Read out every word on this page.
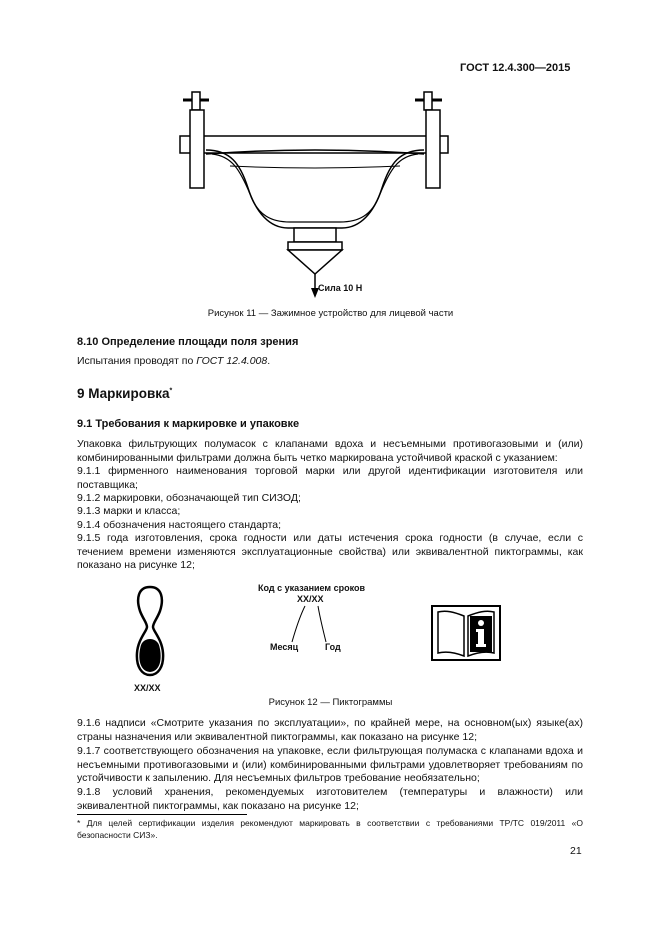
ГОСТ 12.4.300—2015
Сила 10 Н
Рисунок 11 — Зажимное устройство для лицевой части
8.10 Определение площади поля зрения
Испытания проводят по ГОСТ 12.4.008.
9 Маркировка*
9.1 Требования к маркировке и упаковке
Упаковка фильтрующих полумасок с клапанами вдоха и несъемными противогазовыми и (или) комбинированными фильтрами должна быть четко маркирована устойчивой краской с указанием:
9.1.1 фирменного наименования торговой марки или другой идентификации изготовителя или поставщика;
9.1.2 маркировки, обозначающей тип СИЗОД;
9.1.3 марки и класса;
9.1.4 обозначения настоящего стандарта;
9.1.5 года изготовления, срока годности или даты истечения срока годности (в случае, если с течением времени изменяются эксплуатационные свойства) или эквивалентной пиктограммы, как показано на рисунке 12;
XX/XX
Код с указанием сроков
XX/XX
Месяц	Год
Рисунок 12 — Пиктограммы
9.1.6 надписи «Смотрите указания по эксплуатации», по крайней мере, на основном(ых) языке(ах) страны назначения или эквивалентной пиктограммы, как показано на рисунке 12;
9.1.7 соответствующего обозначения на упаковке, если фильтрующая полумаска с клапанами вдоха и несъемными противогазовыми и (или) комбинированными фильтрами удовлетворяет требованиям по устойчивости к запылению. Для несъемных фильтров требование необязательно;
9.1.8 условий хранения, рекомендуемых изготовителем (температуры и влажности) или эквивалентной пиктограммы, как показано на рисунке 12;
* Для целей сертификации изделия рекомендуют маркировать в соответствии с требованиями ТР/ТС 019/2011 «О безопасности СИЗ».
21
